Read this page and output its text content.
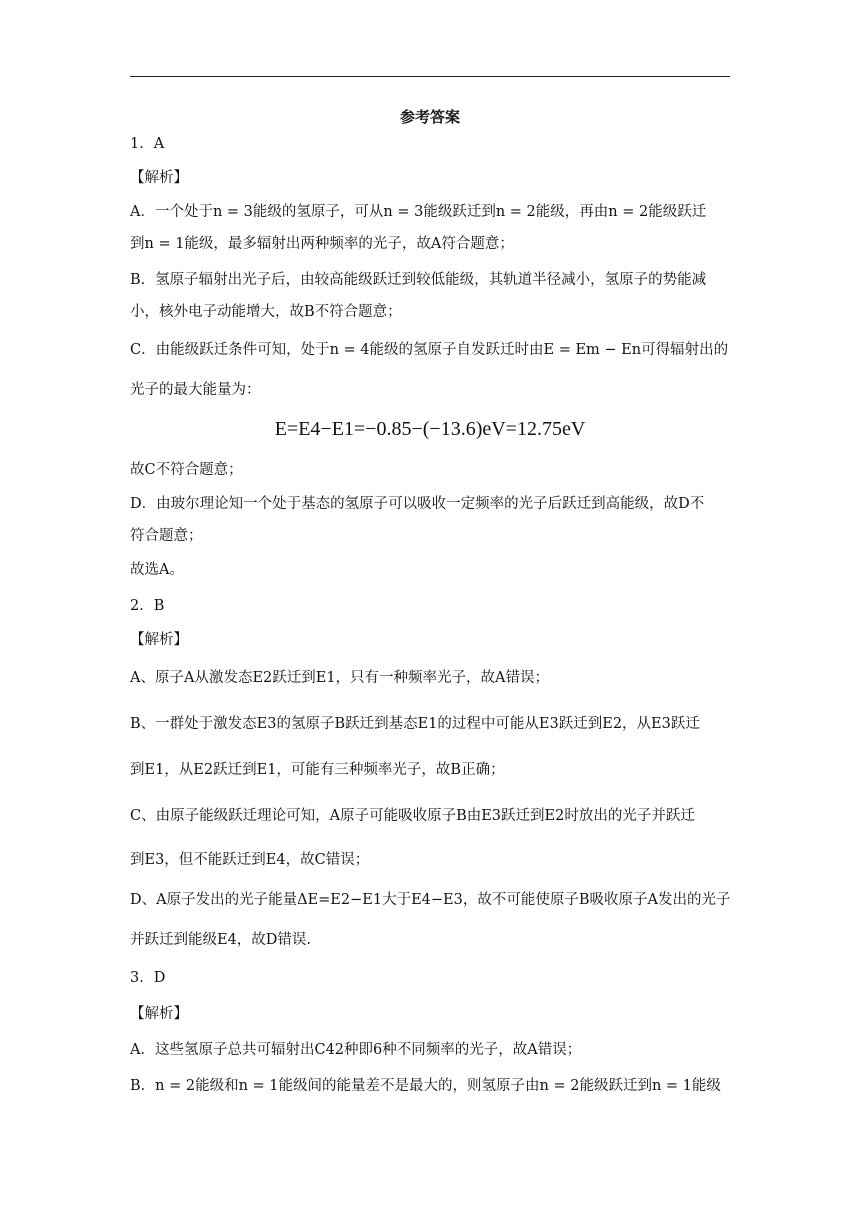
参考答案
1．A
【解析】
A．一个处于n = 3能级的氢原子，可从n = 3能级跃迁到n = 2能级，再由n = 2能级跃迁
到n = 1能级，最多辐射出两种频率的光子，故A符合题意；
B．氢原子辐射出光子后，由较高能级跃迁到较低能级，其轨道半径减小，氢原子的势能减
小，核外电子动能增大，故B不符合题意；
C．由能级跃迁条件可知，处于n = 4能级的氢原子自发跃迁时由E = Em − En可得辐射出的
光子的最大能量为：
E=E4−E1=−0.85−(−13.6)eV=12.75eV
故C不符合题意；
D．由玻尔理论知一个处于基态的氢原子可以吸收一定频率的光子后跃迁到高能级，故D不
符合题意；
故选A。
2．B
【解析】
A、原子A从激发态E2跃迁到E1，只有一种频率光子，故A错误；
B、一群处于激发态E3的氢原子B跃迁到基态E1的过程中可能从E3跃迁到E2，从E3跃迁
到E1，从E2跃迁到E1，可能有三种频率光子，故B正确；
C、由原子能级跃迁理论可知，A原子可能吸收原子B由E3跃迁到E2时放出的光子并跃迁
到E3，但不能跃迁到E4，故C错误；
D、A原子发出的光子能量ΔE=E2−E1大于E4−E3，故不可能使原子B吸收原子A发出的光子
并跃迁到能级E4，故D错误.
3．D
【解析】
A．这些氢原子总共可辐射出C42种即6种不同频率的光子，故A错误；
B．n = 2能级和n = 1能级间的能量差不是最大的，则氢原子由n = 2能级跃迁到n = 1能级
